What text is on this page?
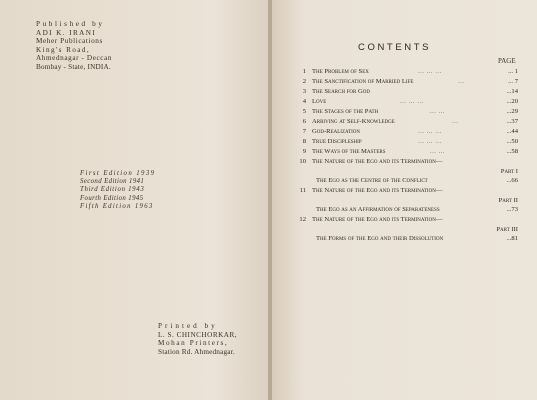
Published by
ADI K. IRANI
Meher Publications
King's Road,
Ahmednagar - Deccan
Bombay - State, INDIA.
First Edition 1939
Second Edition 1941
Third Edition 1943
Fourth Edition 1945
Fifth Edition 1963
Printed by
L. S. CHINCHORKAR,
Mohan Printers,
Station Rd. Ahmednagar.
CONTENTS
PAGE
1 The Problem of Sex	... ... ...	... 1
2 The Sanctification of Married Life	...	... 7
3 The Search for God	...14
4 Love	... ... ...	...20
5 The Stages of the Path	... ...	...29
6 Arriving at Self-Knowledge	...	...37
7 God-Realization	... ... ...	...44
8 True Discipleship	... ... ...	...50
9 The Ways of the Masters	... ...	...58
10 The Nature of the Ego and its Termination—
Part I
The Ego as the Centre of the Conflict	...66
11 The Nature of the Ego and its Termination—
Part II
The Ego as an Affirmation of Separateness	...73
12 The Nature of the Ego and its Termination—
Part III
The Forms of the Ego and their Dissolution	...81
